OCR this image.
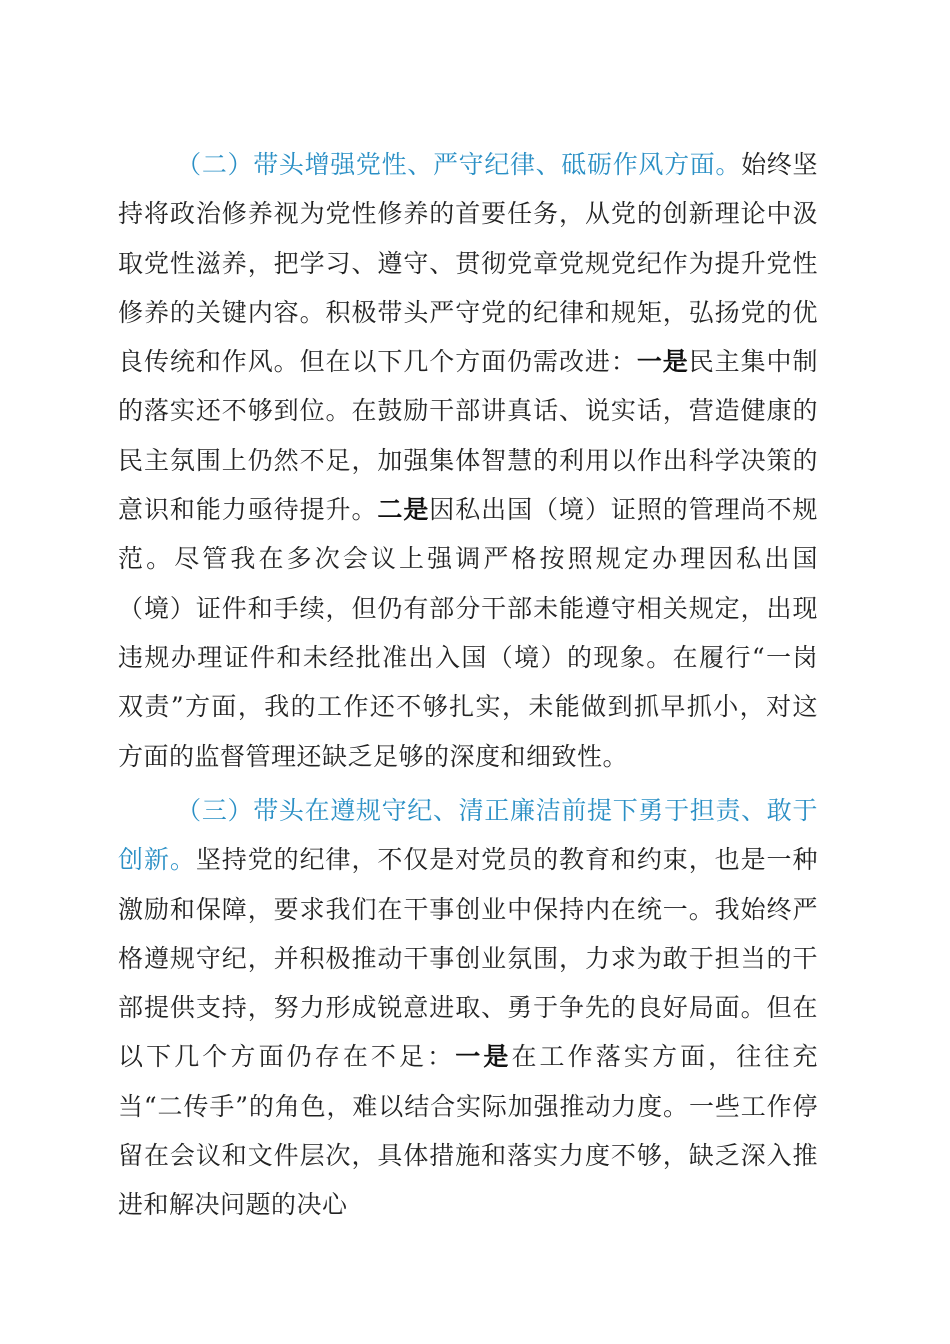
（二）带头增强党性、严守纪律、砥砺作风方面。始终坚持将政治修养视为党性修养的首要任务，从党的创新理论中汲取党性滋养，把学习、遵守、贯彻党章党规党纪作为提升党性修养的关键内容。积极带头严守党的纪律和规矩，弘扬党的优良传统和作风。但在以下几个方面仍需改进：一是民主集中制的落实还不够到位。在鼓励干部讲真话、说实话，营造健康的民主氛围上仍然不足，加强集体智慧的利用以作出科学决策的意识和能力亟待提升。二是因私出国（境）证照的管理尚不规范。尽管我在多次会议上强调严格按照规定办理因私出国（境）证件和手续，但仍有部分干部未能遵守相关规定，出现违规办理证件和未经批准出入国（境）的现象。在履行“一岗双责”方面，我的工作还不够扎实，未能做到抓早抓小，对这方面的监督管理还缺乏足够的深度和细致性。
（三）带头在遵规守纪、清正廉洁前提下勇于担责、敢于创新。坚持党的纪律，不仅是对党员的教育和约束，也是一种激励和保障，要求我们在干事创业中保持内在统一。我始终严格遵规守纪，并积极推动干事创业氛围，力求为敢于担当的干部提供支持，努力形成锐意进取、勇于争先的良好局面。但在以下几个方面仍存在不足：一是在工作落实方面，往往充当“二传手”的角色，难以结合实际加强推动力度。一些工作停留在会议和文件层次，具体措施和落实力度不够，缺乏深入推进和解决问题的决心
